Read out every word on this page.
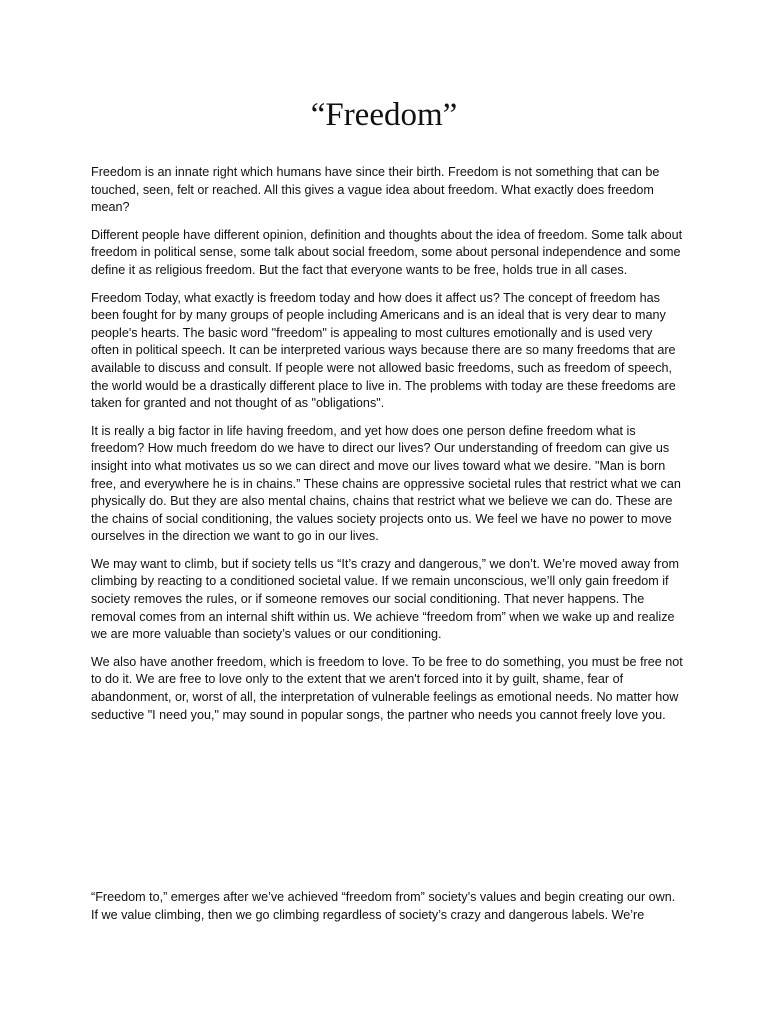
“Freedom”

Freedom is an innate right which humans have since their birth. Freedom is not something that can be touched, seen, felt or reached. All this gives a vague idea about freedom. What exactly does freedom mean?

Different people have different opinion, definition and thoughts about the idea of freedom. Some talk about freedom in political sense, some talk about social freedom, some about personal independence and some define it as religious freedom. But the fact that everyone wants to be free, holds true in all cases.

Freedom Today, what exactly is freedom today and how does it affect us? The concept of freedom has been fought for by many groups of people including Americans and is an ideal that is very dear to many people's hearts. The basic word "freedom" is appealing to most cultures emotionally and is used very often in political speech. It can be interpreted various ways because there are so many freedoms that are available to discuss and consult. If people were not allowed basic freedoms, such as freedom of speech, the world would be a drastically different place to live in. The problems with today are these freedoms are taken for granted and not thought of as "obligations".

It is really a big factor in life having freedom, and yet how does one person define freedom what is freedom? How much freedom do we have to direct our lives? Our understanding of freedom can give us insight into what motivates us so we can direct and move our lives toward what we desire. "Man is born free, and everywhere he is in chains.” These chains are oppressive societal rules that restrict what we can physically do. But they are also mental chains, chains that restrict what we believe we can do. These are the chains of social conditioning, the values society projects onto us. We feel we have no power to move ourselves in the direction we want to go in our lives.

We may want to climb, but if society tells us “It’s crazy and dangerous,” we don’t. We’re moved away from climbing by reacting to a conditioned societal value. If we remain unconscious, we’ll only gain freedom if society removes the rules, or if someone removes our social conditioning. That never happens. The removal comes from an internal shift within us. We achieve “freedom from” when we wake up and realize we are more valuable than society’s values or our conditioning.

We also have another freedom, which is freedom to love. To be free to do something, you must be free not to do it. We are free to love only to the extent that we aren't forced into it by guilt, shame, fear of abandonment, or, worst of all, the interpretation of vulnerable feelings as emotional needs. No matter how seductive "I need you," may sound in popular songs, the partner who needs you cannot freely love you.

“Freedom to,” emerges after we’ve achieved “freedom from” society’s values and begin creating our own. If we value climbing, then we go climbing regardless of society’s crazy and dangerous labels. We’re
